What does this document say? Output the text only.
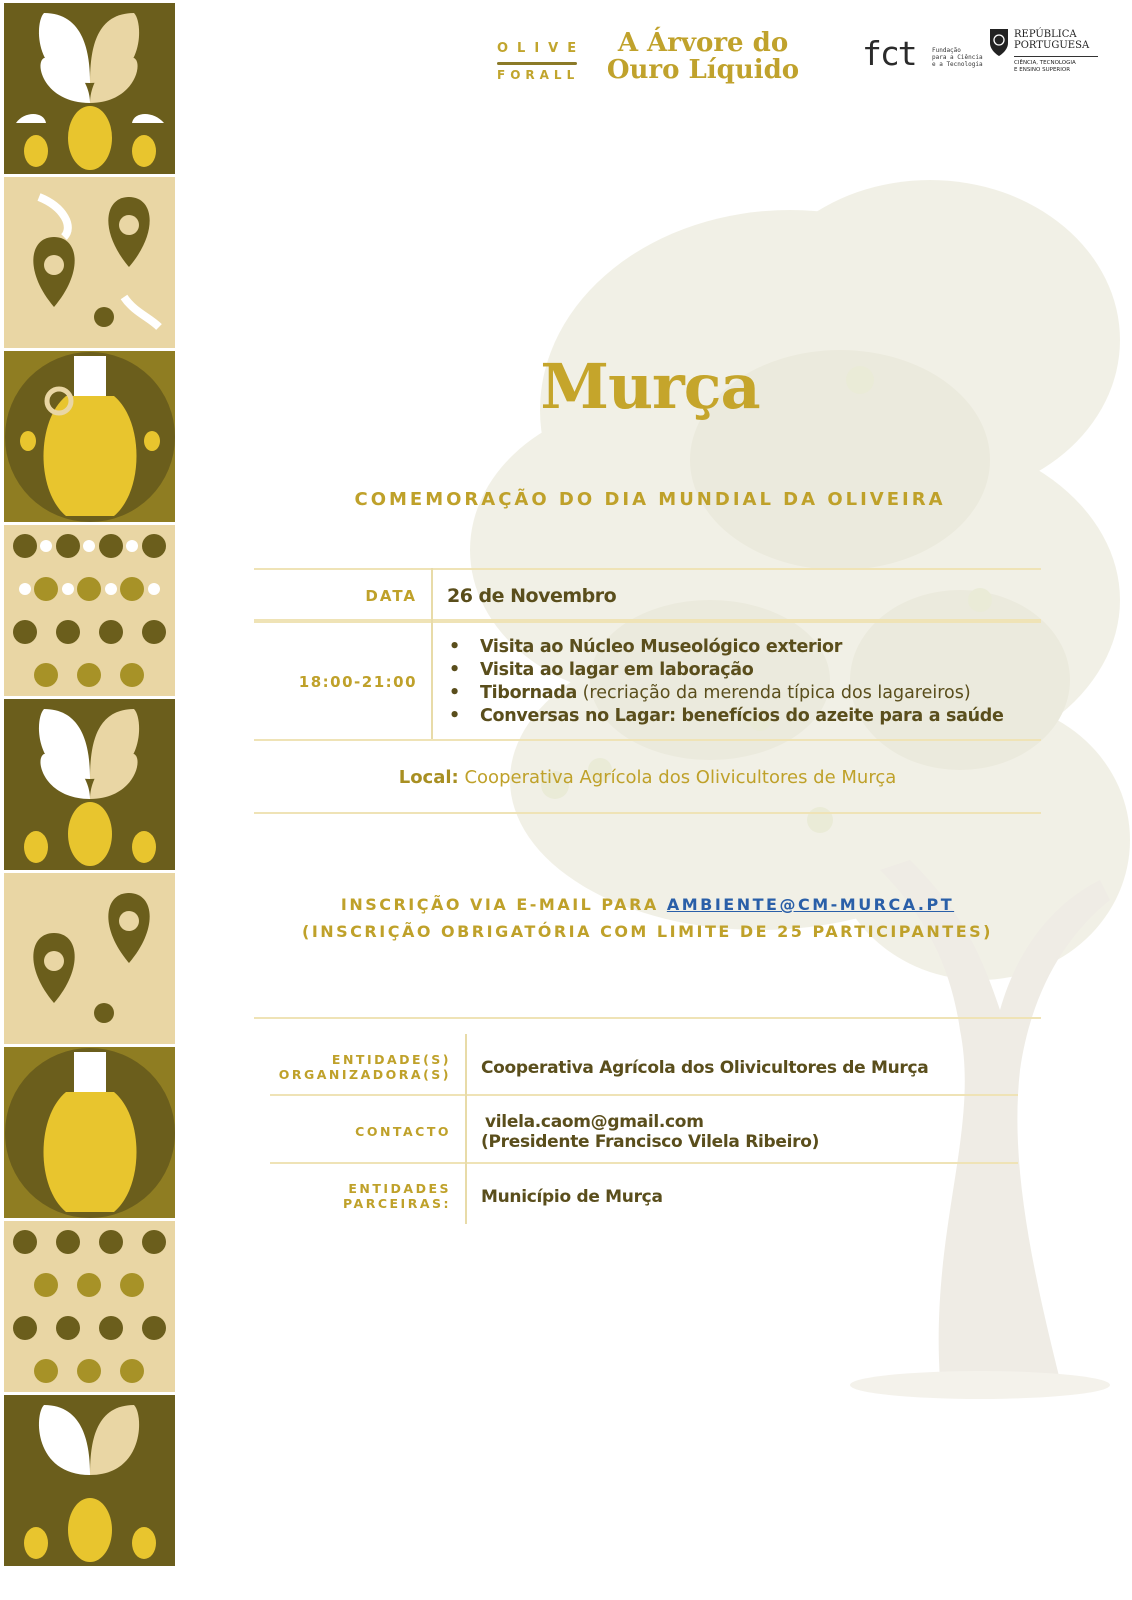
OLIVE
FORALL
A Árvore do
Ouro Líquido fct	Fundação
para a Ciência
e a Tecnologia
REPÚBLICA
PORTUGUESA
CIÊNCIA, TECNOLOGIA
E ENSINO SUPERIOR
Murça
COMEMORAÇÃO DO DIA MUNDIAL DA OLIVEIRA
DATA 26 de Novembro
18:00-21:00
• Visita ao Núcleo Museológico exterior
• Visita ao lagar em laboração
• Tibornada (recriação da merenda típica dos lagareiros)
• Conversas no Lagar: benefícios do azeite para a saúde
Local: Cooperativa Agrícola dos Olivicultores de Murça
INSCRIÇÃO VIA E-MAIL PARA AMBIENTE@CM-MURCA.PT
(INSCRIÇÃO OBRIGATÓRIA COM LIMITE DE 25 PARTICIPANTES)
ENTIDADE(S)
ORGANIZADORA(S) Cooperativa Agrícola dos Olivicultores de Murça
CONTACTO vilela.caom@gmail.com
(Presidente Francisco Vilela Ribeiro)
ENTIDADES
PARCEIRAS: Município de Murça
